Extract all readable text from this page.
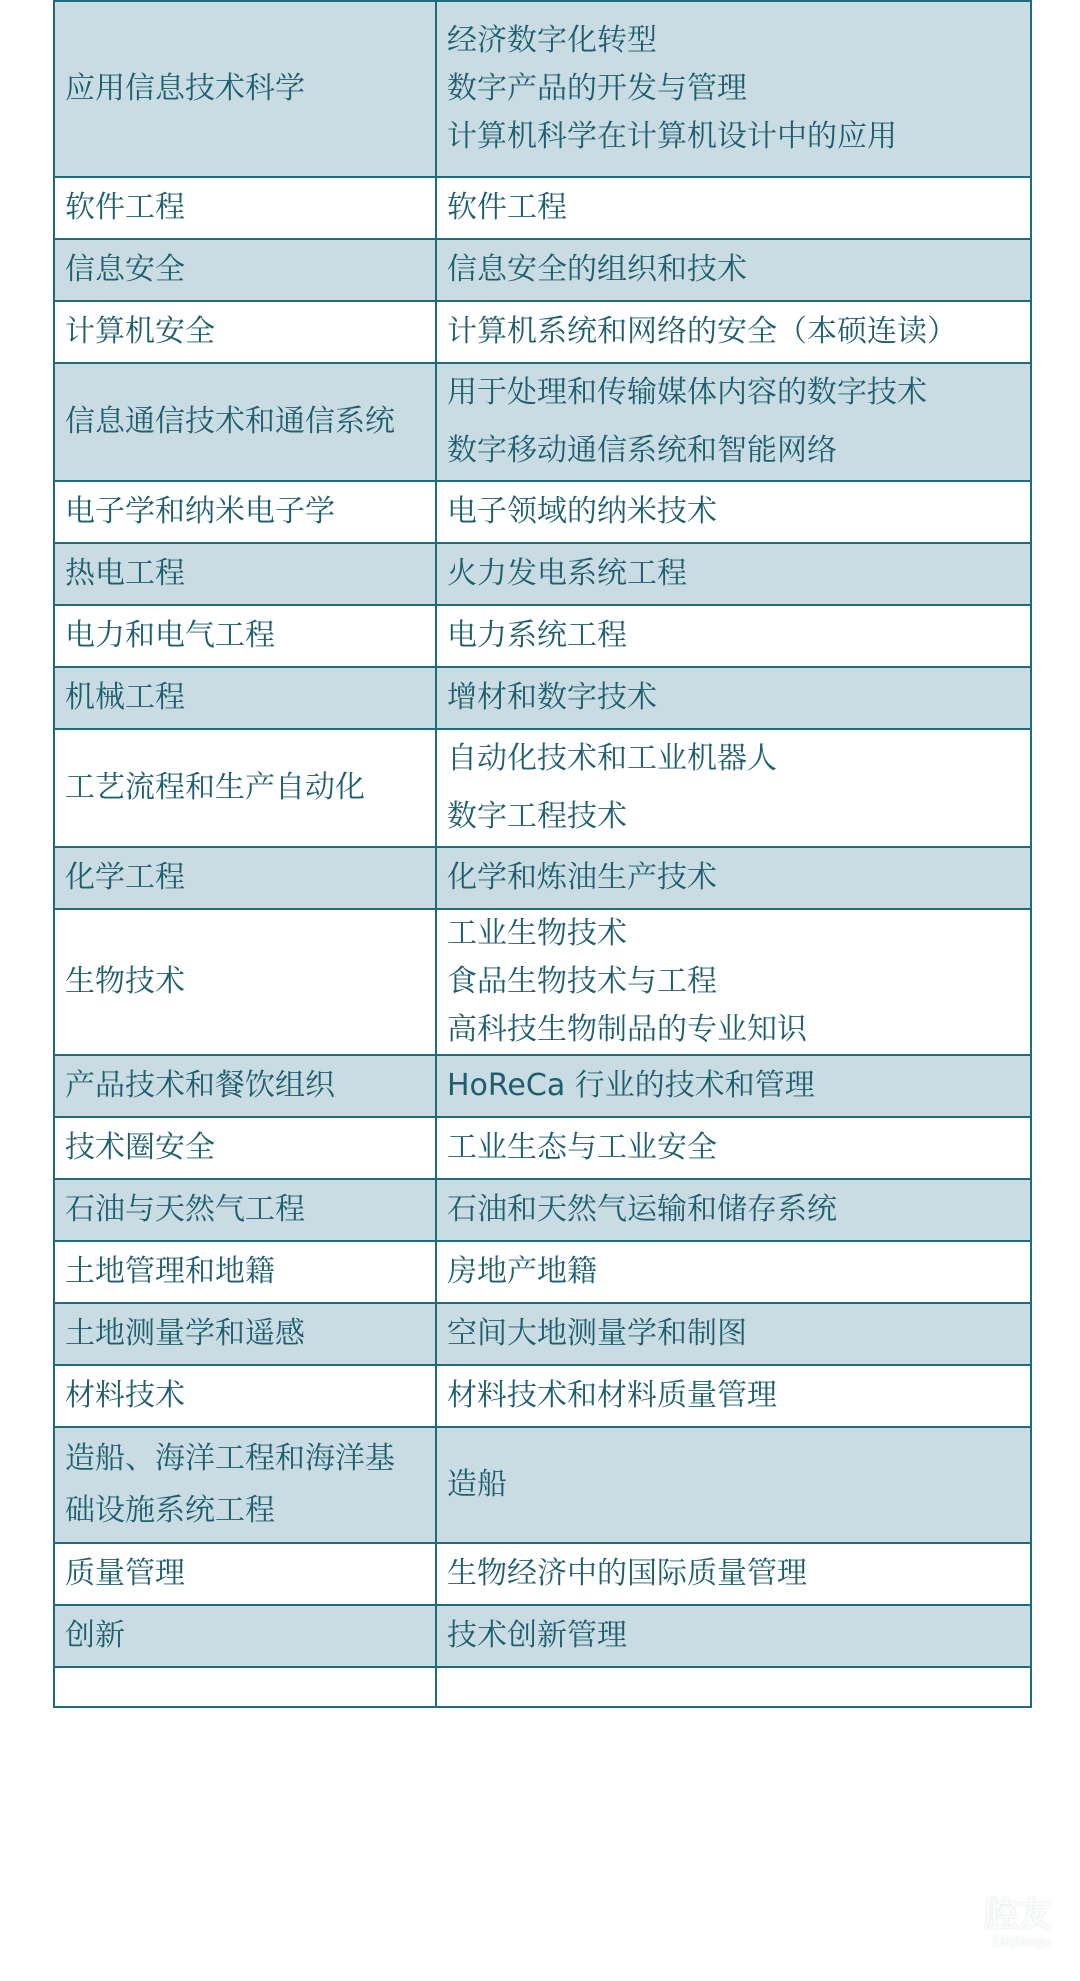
应用信息技术科学	经济数字化转型
数字产品的开发与管理
计算机科学在计算机设计中的应用

软件工程	软件工程

信息安全	信息安全的组织和技术

计算机安全	计算机系统和网络的安全（本硕连读）

信息通信技术和通信系统	用于处理和传输媒体内容的数字技术
数字移动通信系统和智能网络

电子学和纳米电子学	电子领域的纳米技术

热电工程	火力发电系统工程

电力和电气工程	电力系统工程

机械工程	增材和数字技术

工艺流程和生产自动化	自动化技术和工业机器人
数字工程技术

化学工程	化学和炼油生产技术

生物技术	工业生物技术
食品生物技术与工程
高科技生物制品的专业知识

产品技术和餐饮组织	HoReCa 行业的技术和管理

技术圈安全	工业生态与工业安全

石油与天然气工程	石油和天然气运输和储存系统

土地管理和地籍	房地产地籍

土地测量学和遥感	空间大地测量学和制图

材料技术	材料技术和材料质量管理

造船、海洋工程和海洋基
础设施系统工程	造船

质量管理	生物经济中的国际质量管理

创新	技术创新管理

腔友
18qiangu
